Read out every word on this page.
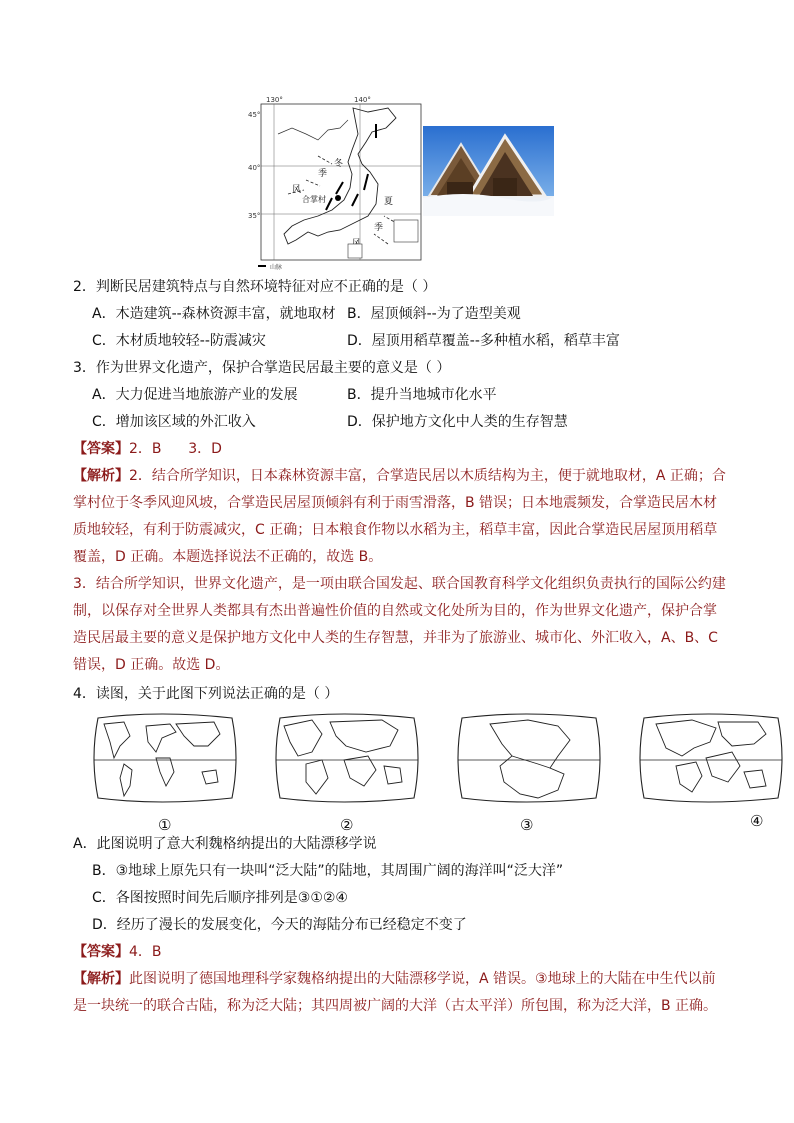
130°	140°
45°
40°
35°
合掌村
冬
季
风
夏
季
山脉
2．判断民居建筑特点与自然环境特征对应不正确的是（ ）
A．木造建筑--森林资源丰富，就地取材 B．屋顶倾斜--为了造型美观
C．木材质地较轻--防震减灾	D．屋顶用稻草覆盖--多种植水稻，稻草丰富
3．作为世界文化遗产，保护合掌造民居最主要的意义是（ ）
A．大力促进当地旅游产业的发展	B．提升当地城市化水平
C．增加该区域的外汇收入	D．保护地方文化中人类的生存智慧
【答案】2．B      3．D
【解析】2．结合所学知识，日本森林资源丰富，合掌造民居以木质结构为主，便于就地取材，A 正确；合
掌村位于冬季风迎风坡，合掌造民居屋顶倾斜有利于雨雪滑落，B 错误；日本地震频发，合掌造民居木材
质地较轻，有利于防震减灾，C 正确；日本粮食作物以水稻为主，稻草丰富，因此合掌造民居屋顶用稻草
覆盖，D 正确。本题选择说法不正确的，故选 B。
3．结合所学知识，世界文化遗产，是一项由联合国发起、联合国教育科学文化组织负责执行的国际公约建
制，以保存对全世界人类都具有杰出普遍性价值的自然或文化处所为目的，作为世界文化遗产，保护合掌
造民居最主要的意义是保护地方文化中人类的生存智慧，并非为了旅游业、城市化、外汇收入，A、B、C
错误，D 正确。故选 D。
4．读图，关于此图下列说法正确的是（ ）
①	②	③	④
A．此图说明了意大利魏格纳提出的大陆漂移学说
B．③地球上原先只有一块叫“泛大陆”的陆地，其周围广阔的海洋叫“泛大洋”
C．各图按照时间先后顺序排列是③①②④
D．经历了漫长的发展变化，今天的海陆分布已经稳定不变了
【答案】4．B
【解析】此图说明了德国地理科学家魏格纳提出的大陆漂移学说，A 错误。③地球上的大陆在中生代以前
是一块统一的联合古陆，称为泛大陆；其四周被广阔的大洋（古太平洋）所包围，称为泛大洋，B 正确。
